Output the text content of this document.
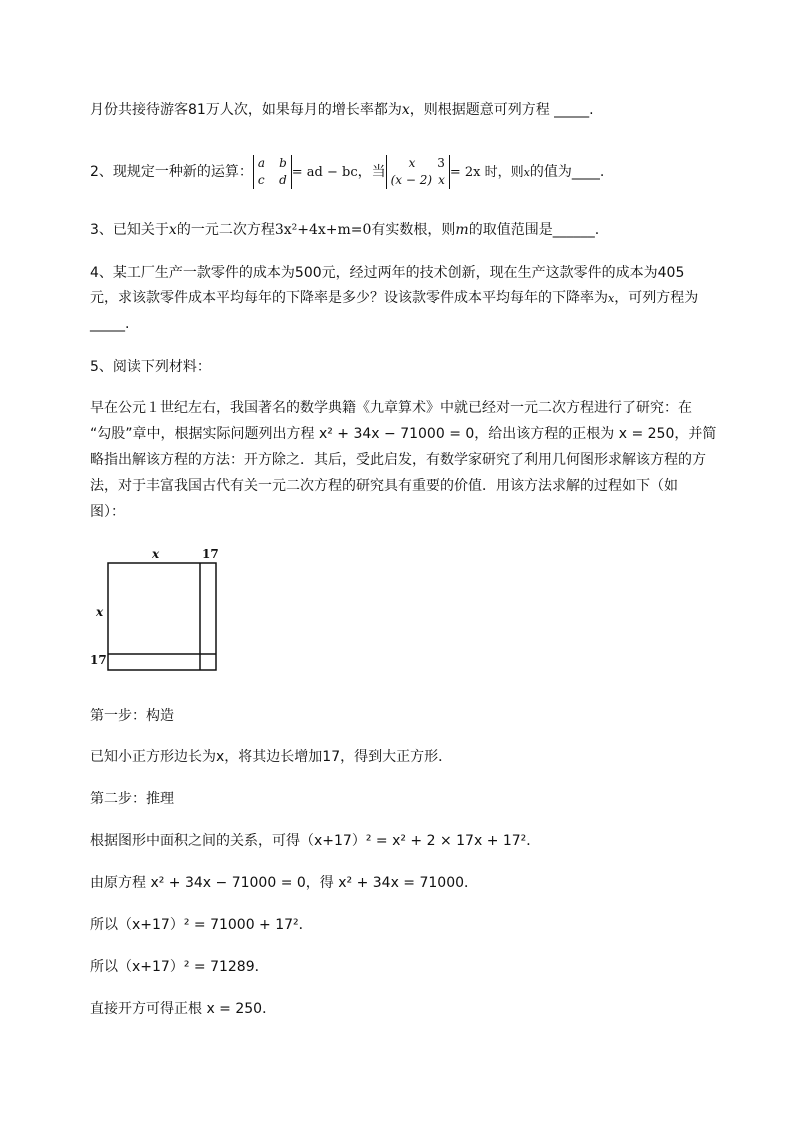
月份共接待游客81万人次，如果每月的增长率都为x，则根据题意可列方程 _____.
2、现规定一种新的运算：
a b
c d = ad − bc，当
x 3
(x − 2) x = 2x 时，则x的值为____.
3、已知关于x的一元二次方程3x²+4x+m=0有实数根，则m的取值范围是______.
4、某工厂生产一款零件的成本为500元，经过两年的技术创新，现在生产这款零件的成本为405
元，求该款零件成本平均每年的下降率是多少？设该款零件成本平均每年的下降率为x，可列方程为
_____.
5、阅读下列材料：
早在公元１世纪左右，我国著名的数学典籍《九章算术》中就已经对一元二次方程进行了研究：在
“勾股”章中，根据实际问题列出方程 x² + 34x − 71000 = 0，给出该方程的正根为 x = 250，并简
略指出解该方程的方法：开方除之．其后，受此启发，有数学家研究了利用几何图形求解该方程的方
法，对于丰富我国古代有关一元二次方程的研究具有重要的价值．用该方法求解的过程如下（如
图）：
x	17
x
17
第一步：构造
已知小正方形边长为x，将其边长增加17，得到大正方形．
第二步：推理
根据图形中面积之间的关系，可得（x+17）² = x² + 2 × 17x + 17²．
由原方程 x² + 34x − 71000 = 0，得 x² + 34x = 71000．
所以（x+17）² = 71000 + 17²．
所以（x+17）² = 71289．
直接开方可得正根 x = 250．
